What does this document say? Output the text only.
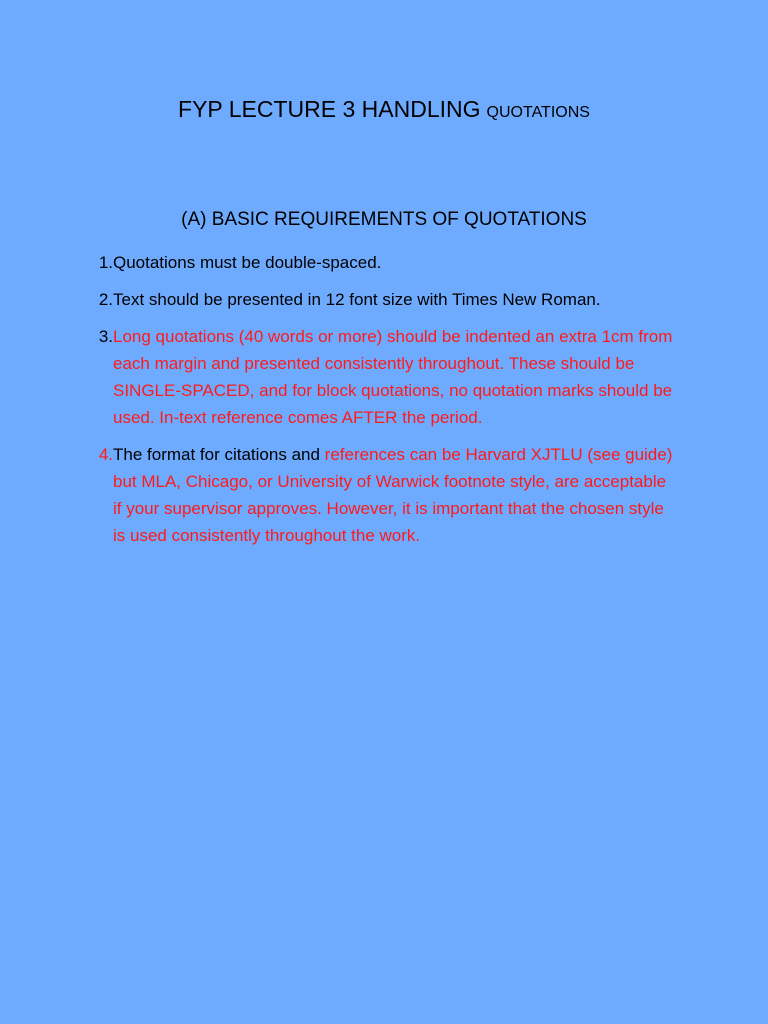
FYP LECTURE 3 HANDLING QUOTATIONS
(A) BASIC REQUIREMENTS OF QUOTATIONS
1. Quotations must be double-spaced.
2. Text should be presented in 12 font size with Times New Roman.
3. Long quotations (40 words or more) should be indented an extra 1cm from each margin and presented consistently throughout. These should be SINGLE-SPACED, and for block quotations, no quotation marks should be used. In-text reference comes AFTER the period.
4. The format for citations and references can be Harvard XJTLU (see guide) but MLA, Chicago, or University of Warwick footnote style, are acceptable if your supervisor approves. However, it is important that the chosen style is used consistently throughout the work.
